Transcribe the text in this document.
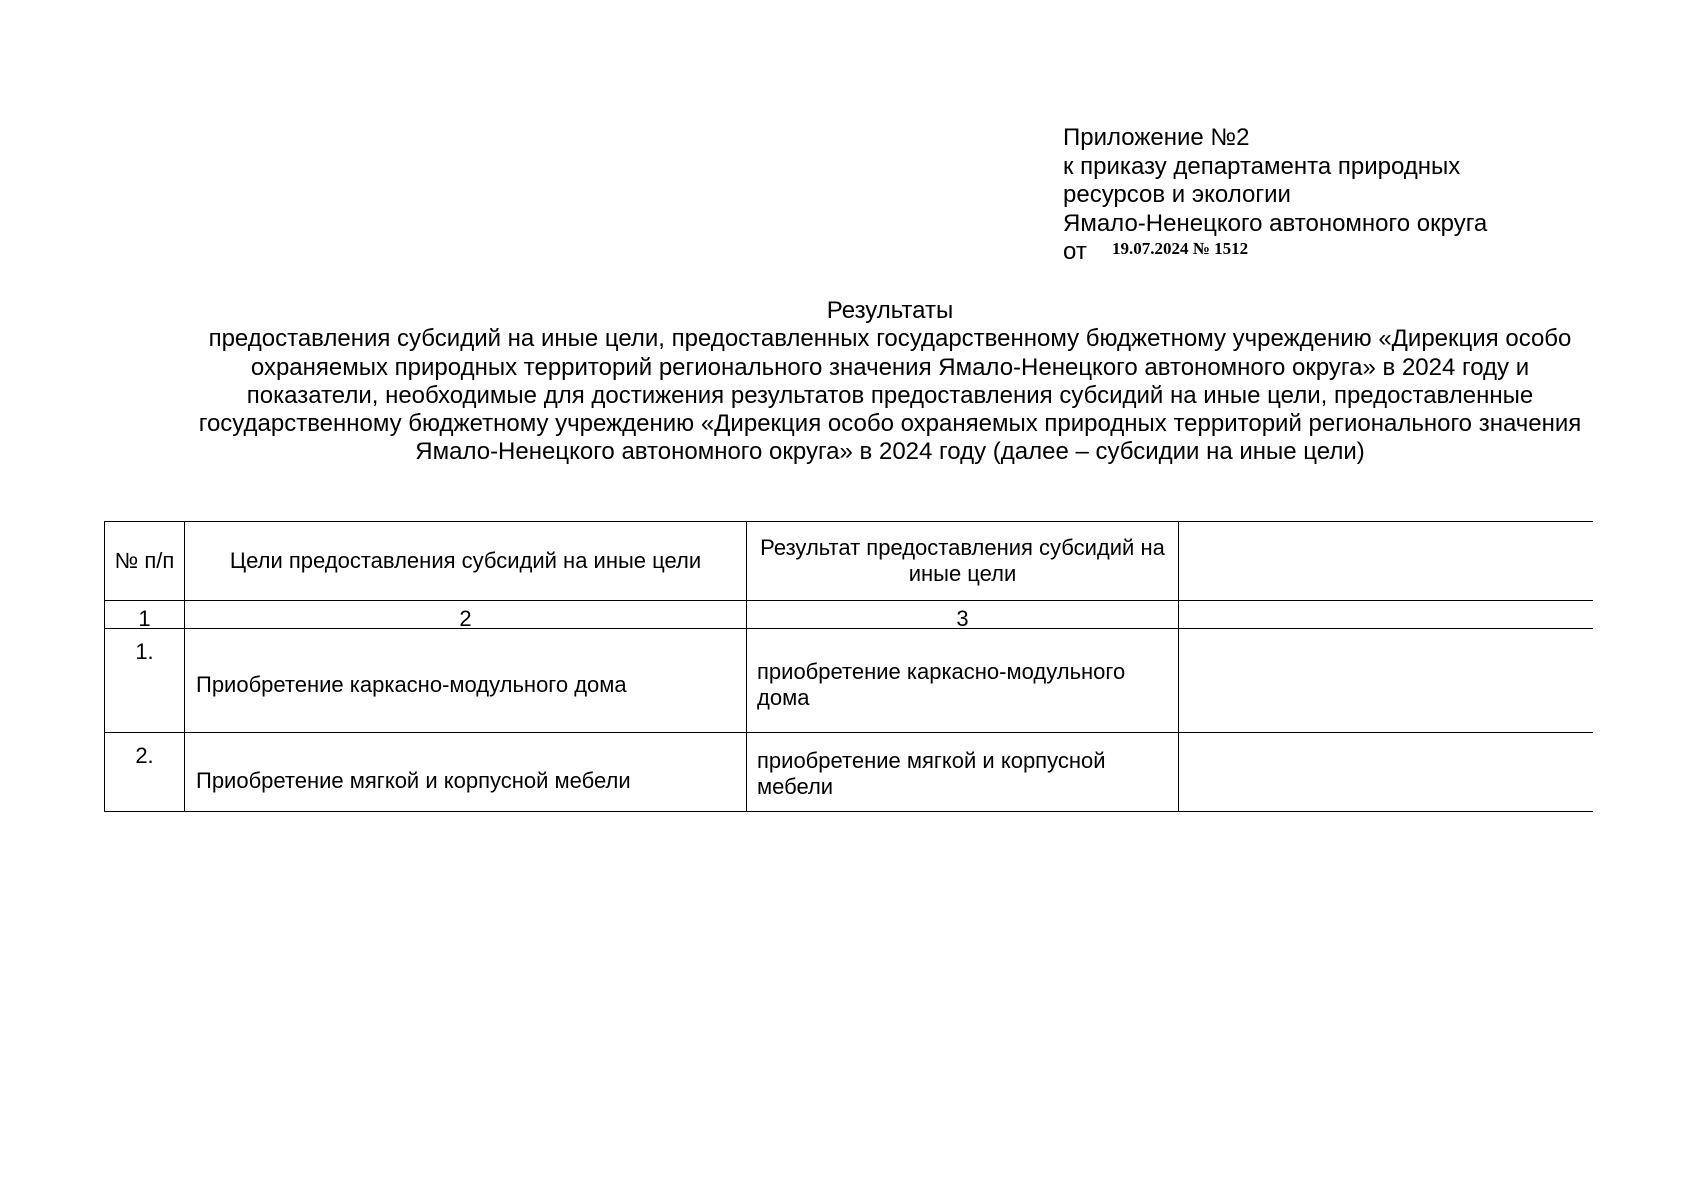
Приложение №2
к приказу департамента природных
ресурсов и экологии
Ямало-Ненецкого автономного округа
от 19.07.2024 № 1512
Результаты
предоставления субсидий на иные цели, предоставленных государственному бюджетному учреждению «Дирекция особо охраняемых природных территорий регионального значения Ямало-Ненецкого автономного округа» в 2024 году и показатели, необходимые для достижения результатов предоставления субсидий на иные цели, предоставленные государственному бюджетному учреждению «Дирекция особо охраняемых природных территорий регионального значения Ямало-Ненецкого автономного округа» в 2024 году (далее – субсидии на иные цели)
№ п/п	Цели предоставления субсидий на иные цели	Результат предоставления субсидий на иные цели	

1	2	3	

1.	Приобретение каркасно-модульного дома	приобретение каркасно-модульного дома	
2.	Приобретение мягкой и корпусной мебели	приобретение мягкой и корпусной мебели	
